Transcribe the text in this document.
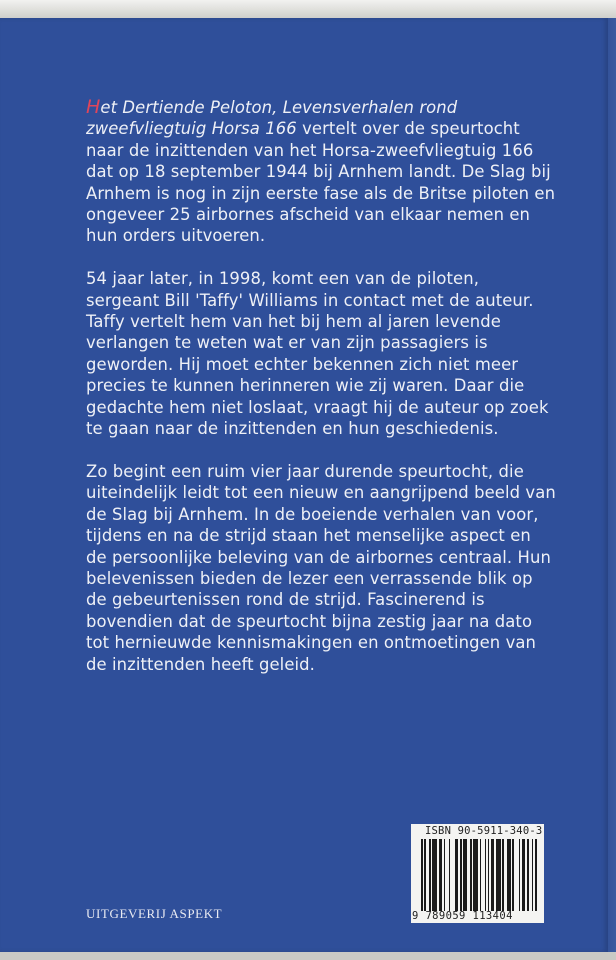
Het Dertiende Peloton, Levensverhalen rond zweefvliegtuig Horsa 166 vertelt over de speurtocht naar de inzittenden van het Horsa-zweefvliegtuig 166 dat op 18 september 1944 bij Arnhem landt. De Slag bij Arnhem is nog in zijn eerste fase als de Britse piloten en ongeveer 25 airbornes afscheid van elkaar nemen en hun orders uitvoeren.

54 jaar later, in 1998, komt een van de piloten, sergeant Bill 'Taffy' Williams in contact met de auteur. Taffy vertelt hem van het bij hem al jaren levende verlangen te weten wat er van zijn passagiers is geworden. Hij moet echter bekennen zich niet meer precies te kunnen herinneren wie zij waren. Daar die gedachte hem niet loslaat, vraagt hij de auteur op zoek te gaan naar de inzittenden en hun geschiedenis.

Zo begint een ruim vier jaar durende speurtocht, die uiteindelijk leidt tot een nieuw en aangrijpend beeld van de Slag bij Arnhem. In de boeiende verhalen van voor, tijdens en na de strijd staan het menselijke aspect en de persoonlijke beleving van de airbornes centraal. Hun belevenissen bieden de lezer een verrassende blik op de gebeurtenissen rond de strijd. Fascinerend is bovendien dat de speurtocht bijna zestig jaar na dato tot hernieuwde kennismakingen en ontmoetingen van de inzittenden heeft geleid.

UITGEVERIJ ASPEKT
ISBN 90-5911-340-3
9 789059 113404
